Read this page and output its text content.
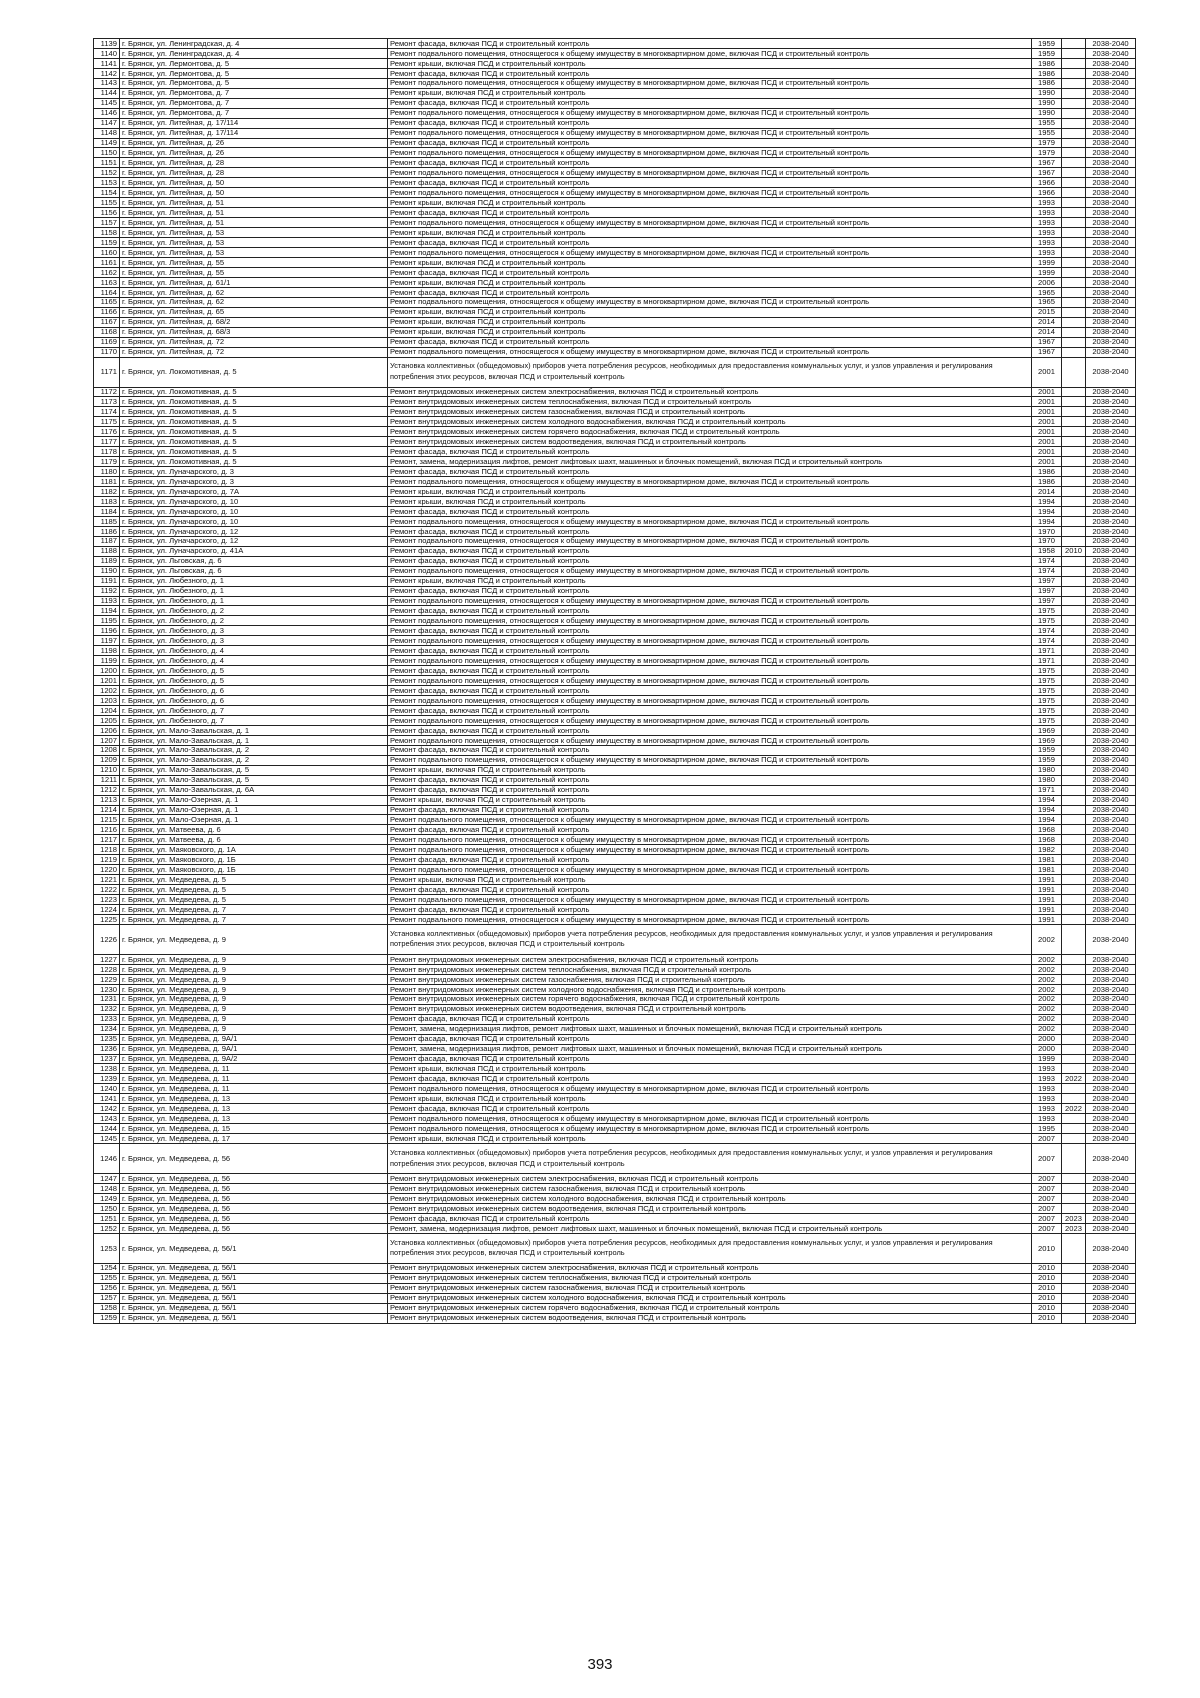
1139	г. Брянск, ул. Ленинградская, д. 4	Ремонт фасада, включая ПСД и строительный контроль	1959		2038-2040
1140	г. Брянск, ул. Ленинградская, д. 4	Ремонт подвального помещения, относящегося к общему имуществу в многоквартирном доме, включая ПСД и строительный контроль	1959		2038-2040
1141	г. Брянск, ул. Лермонтова, д. 5	Ремонт крыши, включая ПСД и строительный контроль	1986		2038-2040
1142	г. Брянск, ул. Лермонтова, д. 5	Ремонт фасада, включая ПСД и строительный контроль	1986		2038-2040
1143	г. Брянск, ул. Лермонтова, д. 5	Ремонт подвального помещения, относящегося к общему имуществу в многоквартирном доме, включая ПСД и строительный контроль	1986		2038-2040
1144	г. Брянск, ул. Лермонтова, д. 7	Ремонт крыши, включая ПСД и строительный контроль	1990		2038-2040
1145	г. Брянск, ул. Лермонтова, д. 7	Ремонт фасада, включая ПСД и строительный контроль	1990		2038-2040
1146	г. Брянск, ул. Лермонтова, д. 7	Ремонт подвального помещения, относящегося к общему имуществу в многоквартирном доме, включая ПСД и строительный контроль	1990		2038-2040
1147	г. Брянск, ул. Литейная, д. 17/114	Ремонт фасада, включая ПСД и строительный контроль	1955		2038-2040
1148	г. Брянск, ул. Литейная, д. 17/114	Ремонт подвального помещения, относящегося к общему имуществу в многоквартирном доме, включая ПСД и строительный контроль	1955		2038-2040
1149	г. Брянск, ул. Литейная, д. 26	Ремонт фасада, включая ПСД и строительный контроль	1979		2038-2040
1150	г. Брянск, ул. Литейная, д. 26	Ремонт подвального помещения, относящегося к общему имуществу в многоквартирном доме, включая ПСД и строительный контроль	1979		2038-2040
1151	г. Брянск, ул. Литейная, д. 28	Ремонт фасада, включая ПСД и строительный контроль	1967		2038-2040
1152	г. Брянск, ул. Литейная, д. 28	Ремонт подвального помещения, относящегося к общему имуществу в многоквартирном доме, включая ПСД и строительный контроль	1967		2038-2040
1153	г. Брянск, ул. Литейная, д. 50	Ремонт фасада, включая ПСД и строительный контроль	1966		2038-2040
1154	г. Брянск, ул. Литейная, д. 50	Ремонт подвального помещения, относящегося к общему имуществу в многоквартирном доме, включая ПСД и строительный контроль	1966		2038-2040
1155	г. Брянск, ул. Литейная, д. 51	Ремонт крыши, включая ПСД и строительный контроль	1993		2038-2040
1156	г. Брянск, ул. Литейная, д. 51	Ремонт фасада, включая ПСД и строительный контроль	1993		2038-2040
1157	г. Брянск, ул. Литейная, д. 51	Ремонт подвального помещения, относящегося к общему имуществу в многоквартирном доме, включая ПСД и строительный контроль	1993		2038-2040
1158	г. Брянск, ул. Литейная, д. 53	Ремонт крыши, включая ПСД и строительный контроль	1993		2038-2040
1159	г. Брянск, ул. Литейная, д. 53	Ремонт фасада, включая ПСД и строительный контроль	1993		2038-2040
1160	г. Брянск, ул. Литейная, д. 53	Ремонт подвального помещения, относящегося к общему имуществу в многоквартирном доме, включая ПСД и строительный контроль	1993		2038-2040
1161	г. Брянск, ул. Литейная, д. 55	Ремонт крыши, включая ПСД и строительный контроль	1999		2038-2040
1162	г. Брянск, ул. Литейная, д. 55	Ремонт фасада, включая ПСД и строительный контроль	1999		2038-2040
1163	г. Брянск, ул. Литейная, д. 61/1	Ремонт крыши, включая ПСД и строительный контроль	2006		2038-2040
1164	г. Брянск, ул. Литейная, д. 62	Ремонт фасада, включая ПСД и строительный контроль	1965		2038-2040
1165	г. Брянск, ул. Литейная, д. 62	Ремонт подвального помещения, относящегося к общему имуществу в многоквартирном доме, включая ПСД и строительный контроль	1965		2038-2040
1166	г. Брянск, ул. Литейная, д. 65	Ремонт крыши, включая ПСД и строительный контроль	2015		2038-2040
1167	г. Брянск, ул. Литейная, д. 68/2	Ремонт крыши, включая ПСД и строительный контроль	2014		2038-2040
1168	г. Брянск, ул. Литейная, д. 68/3	Ремонт крыши, включая ПСД и строительный контроль	2014		2038-2040
1169	г. Брянск, ул. Литейная, д. 72	Ремонт фасада, включая ПСД и строительный контроль	1967		2038-2040
1170	г. Брянск, ул. Литейная, д. 72	Ремонт подвального помещения, относящегося к общему имуществу в многоквартирном доме, включая ПСД и строительный контроль	1967		2038-2040
1171	г. Брянск, ул. Локомотивная, д. 5	Установка коллективных (общедомовых) приборов учета потребления ресурсов, необходимых для предоставления коммунальных услуг, и узлов управления и регулирования потребления этих ресурсов, включая ПСД и строительный контроль	2001		2038-2040
1172	г. Брянск, ул. Локомотивная, д. 5	Ремонт внутридомовых инженерных систем электроснабжения, включая ПСД и строительный контроль	2001		2038-2040
1173	г. Брянск, ул. Локомотивная, д. 5	Ремонт внутридомовых инженерных систем теплоснабжения, включая ПСД и строительный контроль	2001		2038-2040
1174	г. Брянск, ул. Локомотивная, д. 5	Ремонт внутридомовых инженерных систем газоснабжения, включая ПСД и строительный контроль	2001		2038-2040
1175	г. Брянск, ул. Локомотивная, д. 5	Ремонт внутридомовых инженерных систем холодного водоснабжения, включая ПСД и строительный контроль	2001		2038-2040
1176	г. Брянск, ул. Локомотивная, д. 5	Ремонт внутридомовых инженерных систем горячего водоснабжения, включая ПСД и строительный контроль	2001		2038-2040
1177	г. Брянск, ул. Локомотивная, д. 5	Ремонт внутридомовых инженерных систем водоотведения, включая ПСД и строительный контроль	2001		2038-2040
1178	г. Брянск, ул. Локомотивная, д. 5	Ремонт фасада, включая ПСД и строительный контроль	2001		2038-2040
1179	г. Брянск, ул. Локомотивная, д. 5	Ремонт, замена, модернизация лифтов, ремонт лифтовых шахт, машинных и блочных помещений, включая ПСД и строительный контроль	2001		2038-2040
1180	г. Брянск, ул. Луначарского, д. 3	Ремонт фасада, включая ПСД и строительный контроль	1986		2038-2040
1181	г. Брянск, ул. Луначарского, д. 3	Ремонт подвального помещения, относящегося к общему имуществу в многоквартирном доме, включая ПСД и строительный контроль	1986		2038-2040
1182	г. Брянск, ул. Луначарского, д. 7А	Ремонт крыши, включая ПСД и строительный контроль	2014		2038-2040
1183	г. Брянск, ул. Луначарского, д. 10	Ремонт крыши, включая ПСД и строительный контроль	1994		2038-2040
1184	г. Брянск, ул. Луначарского, д. 10	Ремонт фасада, включая ПСД и строительный контроль	1994		2038-2040
1185	г. Брянск, ул. Луначарского, д. 10	Ремонт подвального помещения, относящегося к общему имуществу в многоквартирном доме, включая ПСД и строительный контроль	1994		2038-2040
1186	г. Брянск, ул. Луначарского, д. 12	Ремонт фасада, включая ПСД и строительный контроль	1970		2038-2040
1187	г. Брянск, ул. Луначарского, д. 12	Ремонт подвального помещения, относящегося к общему имуществу в многоквартирном доме, включая ПСД и строительный контроль	1970		2038-2040
1188	г. Брянск, ул. Луначарского, д. 41А	Ремонт фасада, включая ПСД и строительный контроль	1958	2010	2038-2040
1189	г. Брянск, ул. Льговская, д. 6	Ремонт фасада, включая ПСД и строительный контроль	1974		2038-2040
1190	г. Брянск, ул. Льговская, д. 6	Ремонт подвального помещения, относящегося к общему имуществу в многоквартирном доме, включая ПСД и строительный контроль	1974		2038-2040
1191	г. Брянск, ул. Любезного, д. 1	Ремонт крыши, включая ПСД и строительный контроль	1997		2038-2040
1192	г. Брянск, ул. Любезного, д. 1	Ремонт фасада, включая ПСД и строительный контроль	1997		2038-2040
1193	г. Брянск, ул. Любезного, д. 1	Ремонт подвального помещения, относящегося к общему имуществу в многоквартирном доме, включая ПСД и строительный контроль	1997		2038-2040
1194	г. Брянск, ул. Любезного, д. 2	Ремонт фасада, включая ПСД и строительный контроль	1975		2038-2040
1195	г. Брянск, ул. Любезного, д. 2	Ремонт подвального помещения, относящегося к общему имуществу в многоквартирном доме, включая ПСД и строительный контроль	1975		2038-2040
1196	г. Брянск, ул. Любезного, д. 3	Ремонт фасада, включая ПСД и строительный контроль	1974		2038-2040
1197	г. Брянск, ул. Любезного, д. 3	Ремонт подвального помещения, относящегося к общему имуществу в многоквартирном доме, включая ПСД и строительный контроль	1974		2038-2040
1198	г. Брянск, ул. Любезного, д. 4	Ремонт фасада, включая ПСД и строительный контроль	1971		2038-2040
1199	г. Брянск, ул. Любезного, д. 4	Ремонт подвального помещения, относящегося к общему имуществу в многоквартирном доме, включая ПСД и строительный контроль	1971		2038-2040
1200	г. Брянск, ул. Любезного, д. 5	Ремонт фасада, включая ПСД и строительный контроль	1975		2038-2040
1201	г. Брянск, ул. Любезного, д. 5	Ремонт подвального помещения, относящегося к общему имуществу в многоквартирном доме, включая ПСД и строительный контроль	1975		2038-2040
1202	г. Брянск, ул. Любезного, д. 6	Ремонт фасада, включая ПСД и строительный контроль	1975		2038-2040
1203	г. Брянск, ул. Любезного, д. 6	Ремонт подвального помещения, относящегося к общему имуществу в многоквартирном доме, включая ПСД и строительный контроль	1975		2038-2040
1204	г. Брянск, ул. Любезного, д. 7	Ремонт фасада, включая ПСД и строительный контроль	1975		2038-2040
1205	г. Брянск, ул. Любезного, д. 7	Ремонт подвального помещения, относящегося к общему имуществу в многоквартирном доме, включая ПСД и строительный контроль	1975		2038-2040
1206	г. Брянск, ул. Мало-Завальская, д. 1	Ремонт фасада, включая ПСД и строительный контроль	1969		2038-2040
1207	г. Брянск, ул. Мало-Завальская, д. 1	Ремонт подвального помещения, относящегося к общему имуществу в многоквартирном доме, включая ПСД и строительный контроль	1969		2038-2040
1208	г. Брянск, ул. Мало-Завальская, д. 2	Ремонт фасада, включая ПСД и строительный контроль	1959		2038-2040
1209	г. Брянск, ул. Мало-Завальская, д. 2	Ремонт подвального помещения, относящегося к общему имуществу в многоквартирном доме, включая ПСД и строительный контроль	1959		2038-2040
1210	г. Брянск, ул. Мало-Завальская, д. 5	Ремонт крыши, включая ПСД и строительный контроль	1980		2038-2040
1211	г. Брянск, ул. Мало-Завальская, д. 5	Ремонт фасада, включая ПСД и строительный контроль	1980		2038-2040
1212	г. Брянск, ул. Мало-Завальская, д. 6А	Ремонт фасада, включая ПСД и строительный контроль	1971		2038-2040
1213	г. Брянск, ул. Мало-Озерная, д. 1	Ремонт крыши, включая ПСД и строительный контроль	1994		2038-2040
1214	г. Брянск, ул. Мало-Озерная, д. 1	Ремонт фасада, включая ПСД и строительный контроль	1994		2038-2040
1215	г. Брянск, ул. Мало-Озерная, д. 1	Ремонт подвального помещения, относящегося к общему имуществу в многоквартирном доме, включая ПСД и строительный контроль	1994		2038-2040
1216	г. Брянск, ул. Матвеева, д. 6	Ремонт фасада, включая ПСД и строительный контроль	1968		2038-2040
1217	г. Брянск, ул. Матвеева, д. 6	Ремонт подвального помещения, относящегося к общему имуществу в многоквартирном доме, включая ПСД и строительный контроль	1968		2038-2040
1218	г. Брянск, ул. Маяковского, д. 1А	Ремонт подвального помещения, относящегося к общему имуществу в многоквартирном доме, включая ПСД и строительный контроль	1982		2038-2040
1219	г. Брянск, ул. Маяковского, д. 1Б	Ремонт фасада, включая ПСД и строительный контроль	1981		2038-2040
1220	г. Брянск, ул. Маяковского, д. 1Б	Ремонт подвального помещения, относящегося к общему имуществу в многоквартирном доме, включая ПСД и строительный контроль	1981		2038-2040
1221	г. Брянск, ул. Медведева, д. 5	Ремонт крыши, включая ПСД и строительный контроль	1991		2038-2040
1222	г. Брянск, ул. Медведева, д. 5	Ремонт фасада, включая ПСД и строительный контроль	1991		2038-2040
1223	г. Брянск, ул. Медведева, д. 5	Ремонт подвального помещения, относящегося к общему имуществу в многоквартирном доме, включая ПСД и строительный контроль	1991		2038-2040
1224	г. Брянск, ул. Медведева, д. 7	Ремонт фасада, включая ПСД и строительный контроль	1991		2038-2040
1225	г. Брянск, ул. Медведева, д. 7	Ремонт подвального помещения, относящегося к общему имуществу в многоквартирном доме, включая ПСД и строительный контроль	1991		2038-2040
1226	г. Брянск, ул. Медведева, д. 9	Установка коллективных (общедомовых) приборов учета потребления ресурсов, необходимых для предоставления коммунальных услуг, и узлов управления и регулирования потребления этих ресурсов, включая ПСД и строительный контроль	2002		2038-2040
1227	г. Брянск, ул. Медведева, д. 9	Ремонт внутридомовых инженерных систем электроснабжения, включая ПСД и строительный контроль	2002		2038-2040
1228	г. Брянск, ул. Медведева, д. 9	Ремонт внутридомовых инженерных систем теплоснабжения, включая ПСД и строительный контроль	2002		2038-2040
1229	г. Брянск, ул. Медведева, д. 9	Ремонт внутридомовых инженерных систем газоснабжения, включая ПСД и строительный контроль	2002		2038-2040
1230	г. Брянск, ул. Медведева, д. 9	Ремонт внутридомовых инженерных систем холодного водоснабжения, включая ПСД и строительный контроль	2002		2038-2040
1231	г. Брянск, ул. Медведева, д. 9	Ремонт внутридомовых инженерных систем горячего водоснабжения, включая ПСД и строительный контроль	2002		2038-2040
1232	г. Брянск, ул. Медведева, д. 9	Ремонт внутридомовых инженерных систем водоотведения, включая ПСД и строительный контроль	2002		2038-2040
1233	г. Брянск, ул. Медведева, д. 9	Ремонт фасада, включая ПСД и строительный контроль	2002		2038-2040
1234	г. Брянск, ул. Медведева, д. 9	Ремонт, замена, модернизация лифтов, ремонт лифтовых шахт, машинных и блочных помещений, включая ПСД и строительный контроль	2002		2038-2040
1235	г. Брянск, ул. Медведева, д. 9А/1	Ремонт фасада, включая ПСД и строительный контроль	2000		2038-2040
1236	г. Брянск, ул. Медведева, д. 9А/1	Ремонт, замена, модернизация лифтов, ремонт лифтовых шахт, машинных и блочных помещений, включая ПСД и строительный контроль	2000		2038-2040
1237	г. Брянск, ул. Медведева, д. 9А/2	Ремонт фасада, включая ПСД и строительный контроль	1999		2038-2040
1238	г. Брянск, ул. Медведева, д. 11	Ремонт крыши, включая ПСД и строительный контроль	1993		2038-2040
1239	г. Брянск, ул. Медведева, д. 11	Ремонт фасада, включая ПСД и строительный контроль	1993	2022	2038-2040
1240	г. Брянск, ул. Медведева, д. 11	Ремонт подвального помещения, относящегося к общему имуществу в многоквартирном доме, включая ПСД и строительный контроль	1993		2038-2040
1241	г. Брянск, ул. Медведева, д. 13	Ремонт крыши, включая ПСД и строительный контроль	1993		2038-2040
1242	г. Брянск, ул. Медведева, д. 13	Ремонт фасада, включая ПСД и строительный контроль	1993	2022	2038-2040
1243	г. Брянск, ул. Медведева, д. 13	Ремонт подвального помещения, относящегося к общему имуществу в многоквартирном доме, включая ПСД и строительный контроль	1993		2038-2040
1244	г. Брянск, ул. Медведева, д. 15	Ремонт подвального помещения, относящегося к общему имуществу в многоквартирном доме, включая ПСД и строительный контроль	1995		2038-2040
1245	г. Брянск, ул. Медведева, д. 17	Ремонт крыши, включая ПСД и строительный контроль	2007		2038-2040
1246	г. Брянск, ул. Медведева, д. 56	Установка коллективных (общедомовых) приборов учета потребления ресурсов, необходимых для предоставления коммунальных услуг, и узлов управления и регулирования потребления этих ресурсов, включая ПСД и строительный контроль	2007		2038-2040
1247	г. Брянск, ул. Медведева, д. 56	Ремонт внутридомовых инженерных систем электроснабжения, включая ПСД и строительный контроль	2007		2038-2040
1248	г. Брянск, ул. Медведева, д. 56	Ремонт внутридомовых инженерных систем газоснабжения, включая ПСД и строительный контроль	2007		2038-2040
1249	г. Брянск, ул. Медведева, д. 56	Ремонт внутридомовых инженерных систем холодного водоснабжения, включая ПСД и строительный контроль	2007		2038-2040
1250	г. Брянск, ул. Медведева, д. 56	Ремонт внутридомовых инженерных систем водоотведения, включая ПСД и строительный контроль	2007		2038-2040
1251	г. Брянск, ул. Медведева, д. 56	Ремонт фасада, включая ПСД и строительный контроль	2007	2023	2038-2040
1252	г. Брянск, ул. Медведева, д. 56	Ремонт, замена, модернизация лифтов, ремонт лифтовых шахт, машинных и блочных помещений, включая ПСД и строительный контроль	2007	2023	2038-2040
1253	г. Брянск, ул. Медведева, д. 56/1	Установка коллективных (общедомовых) приборов учета потребления ресурсов, необходимых для предоставления коммунальных услуг, и узлов управления и регулирования потребления этих ресурсов, включая ПСД и строительный контроль	2010		2038-2040
1254	г. Брянск, ул. Медведева, д. 56/1	Ремонт внутридомовых инженерных систем электроснабжения, включая ПСД и строительный контроль	2010		2038-2040
1255	г. Брянск, ул. Медведева, д. 56/1	Ремонт внутридомовых инженерных систем теплоснабжения, включая ПСД и строительный контроль	2010		2038-2040
1256	г. Брянск, ул. Медведева, д. 56/1	Ремонт внутридомовых инженерных систем газоснабжения, включая ПСД и строительный контроль	2010		2038-2040
1257	г. Брянск, ул. Медведева, д. 56/1	Ремонт внутридомовых инженерных систем холодного водоснабжения, включая ПСД и строительный контроль	2010		2038-2040
1258	г. Брянск, ул. Медведева, д. 56/1	Ремонт внутридомовых инженерных систем горячего водоснабжения, включая ПСД и строительный контроль	2010		2038-2040
1259	г. Брянск, ул. Медведева, д. 56/1	Ремонт внутридомовых инженерных систем водоотведения, включая ПСД и строительный контроль	2010		2038-2040
393
